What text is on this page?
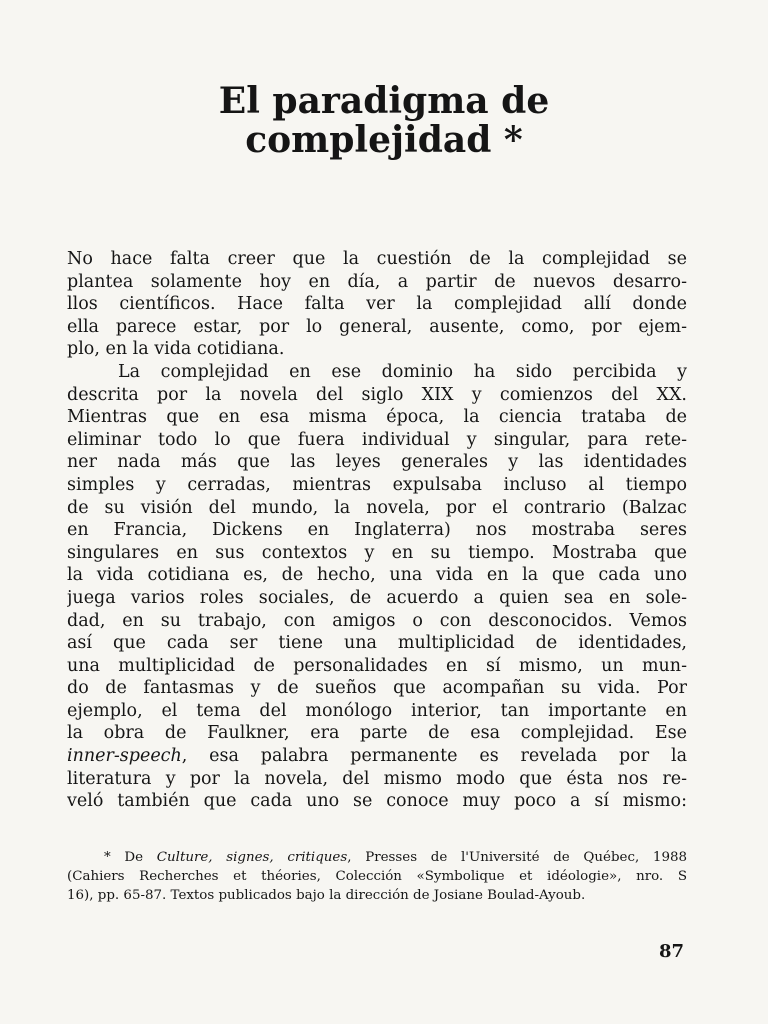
El paradigma de
complejidad *
No hace falta creer que la cuestión de la complejidad se
plantea solamente hoy en día, a partir de nuevos desarro-
llos científicos. Hace falta ver la complejidad allí donde
ella parece estar, por lo general, ausente, como, por ejem-
plo, en la vida cotidiana.
La complejidad en ese dominio ha sido percibida y
descrita por la novela del siglo XIX y comienzos del XX.
Mientras que en esa misma época, la ciencia trataba de
eliminar todo lo que fuera individual y singular, para rete-
ner nada más que las leyes generales y las identidades
simples y cerradas, mientras expulsaba incluso al tiempo
de su visión del mundo, la novela, por el contrario (Balzac
en Francia, Dickens en Inglaterra) nos mostraba seres
singulares en sus contextos y en su tiempo. Mostraba que
la vida cotidiana es, de hecho, una vida en la que cada uno
juega varios roles sociales, de acuerdo a quien sea en sole-
dad, en su trabajo, con amigos o con desconocidos. Vemos
así que cada ser tiene una multiplicidad de identidades,
una multiplicidad de personalidades en sí mismo, un mun-
do de fantasmas y de sueños que acompañan su vida. Por
ejemplo, el tema del monólogo interior, tan importante en
la obra de Faulkner, era parte de esa complejidad. Ese
inner-speech, esa palabra permanente es revelada por la
literatura y por la novela, del mismo modo que ésta nos re-
veló también que cada uno se conoce muy poco a sí mismo:
* De Culture, signes, critiques, Presses de l'Université de Québec, 1988
(Cahiers Recherches et théories, Colección «Symbolique et idéologie», nro. S
16), pp. 65-87. Textos publicados bajo la dirección de Josiane Boulad-Ayoub.
87
